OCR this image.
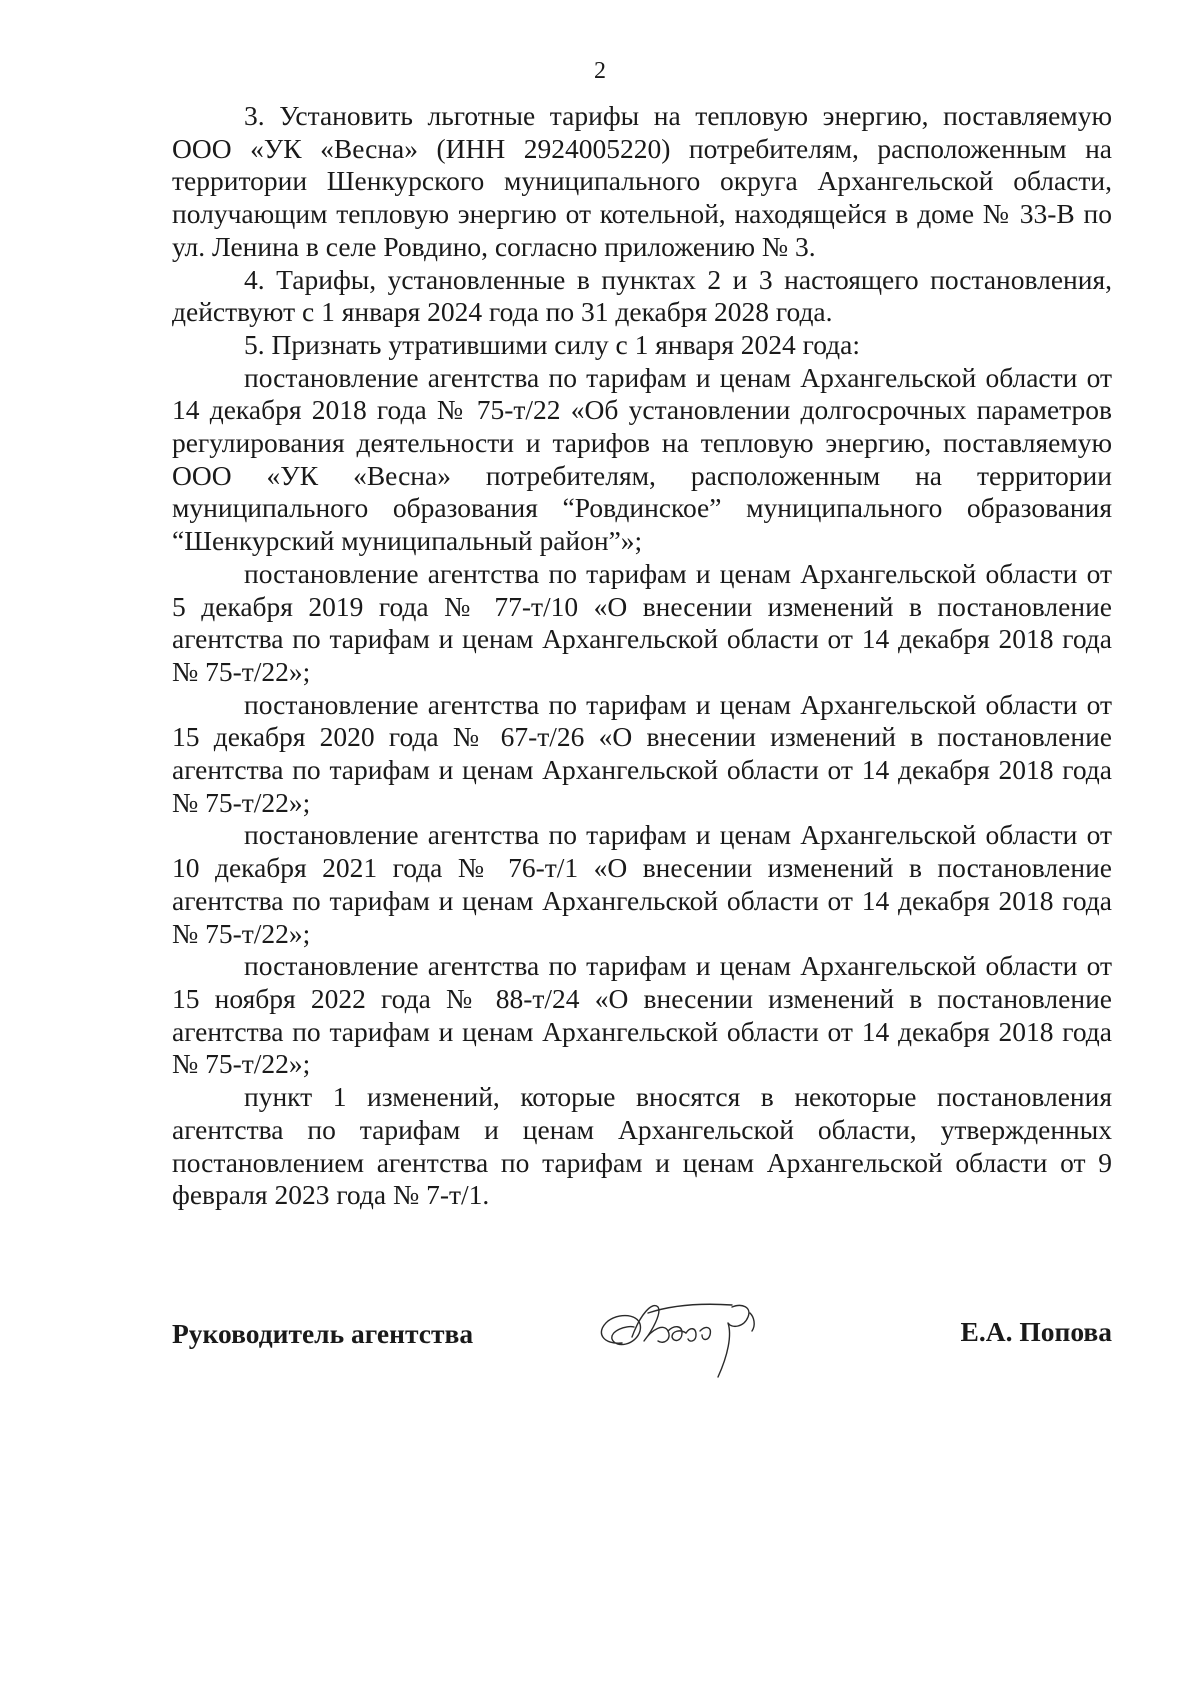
2

3. Установить льготные тарифы на тепловую энергию, поставляемую ООО «УК «Весна» (ИНН 2924005220) потребителям, расположенным на территории Шенкурского муниципального округа Архангельской области, получающим тепловую энергию от котельной, находящейся в доме № 33-В по ул. Ленина в селе Ровдино, согласно приложению № 3.

4. Тарифы, установленные в пунктах 2 и 3 настоящего постановления, действуют с 1 января 2024 года по 31 декабря 2028 года.

5. Признать утратившими силу с 1 января 2024 года:

постановление агентства по тарифам и ценам Архангельской области от 14 декабря 2018 года № 75-т/22 «Об установлении долгосрочных параметров регулирования деятельности и тарифов на тепловую энергию, поставляемую ООО «УК «Весна» потребителям, расположенным на территории муниципального образования “Ровдинское” муниципального образования “Шенкурский муниципальный район”»;

постановление агентства по тарифам и ценам Архангельской области от 5 декабря 2019 года № 77-т/10 «О внесении изменений в постановление агентства по тарифам и ценам Архангельской области от 14 декабря 2018 года № 75-т/22»;

постановление агентства по тарифам и ценам Архангельской области от 15 декабря 2020 года № 67-т/26 «О внесении изменений в постановление агентства по тарифам и ценам Архангельской области от 14 декабря 2018 года № 75-т/22»;

постановление агентства по тарифам и ценам Архангельской области от 10 декабря 2021 года № 76-т/1 «О внесении изменений в постановление агентства по тарифам и ценам Архангельской области от 14 декабря 2018 года № 75-т/22»;

постановление агентства по тарифам и ценам Архангельской области от 15 ноября 2022 года № 88-т/24 «О внесении изменений в постановление агентства по тарифам и ценам Архангельской области от 14 декабря 2018 года № 75-т/22»;

пункт 1 изменений, которые вносятся в некоторые постановления агентства по тарифам и ценам Архангельской области, утвержденных постановлением агентства по тарифам и ценам Архангельской области от 9 февраля 2023 года № 7-т/1.

Руководитель агентства	Е.А. Попова
